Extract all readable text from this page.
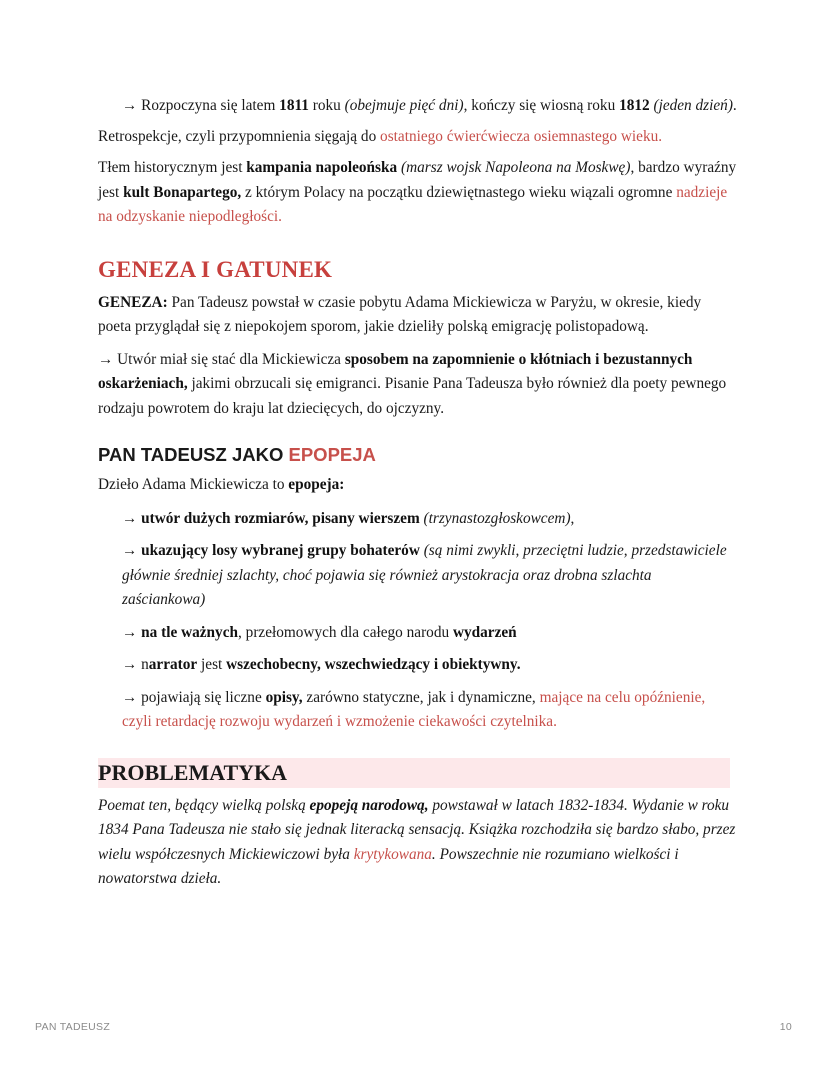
→ Rozpoczyna się latem 1811 roku (obejmuje pięć dni), kończy się wiosną roku 1812 (jeden dzień).

Retrospekcje, czyli przypomnienia sięgają do ostatniego ćwierćwiecza osiemnastego wieku.

Tłem historycznym jest kampania napoleońska (marsz wojsk Napoleona na Moskwę), bardzo wyraźny jest kult Bonapartego, z którym Polacy na początku dziewiętnastego wieku wiązali ogromne nadzieje na odzyskanie niepodległości.

GENEZA I GATUNEK

GENEZA: Pan Tadeusz powstał w czasie pobytu Adama Mickiewicza w Paryżu, w okresie, kiedy poeta przyglądał się z niepokojem sporom, jakie dzieliły polską emigrację polistopadową.

→ Utwór miał się stać dla Mickiewicza sposobem na zapomnienie o kłótniach i bezustannych oskarżeniach, jakimi obrzucali się emigranci. Pisanie Pana Tadeusza było również dla poety pewnego rodzaju powrotem do kraju lat dziecięcych, do ojczyzny.

PAN TADEUSZ JAKO EPOPEJA

Dzieło Adama Mickiewicza to epopeja:

→ utwór dużych rozmiarów, pisany wierszem (trzynastozgłoskowcem),

→ ukazujący losy wybranej grupy bohaterów (są nimi zwykli, przeciętni ludzie, przedstawiciele głównie średniej szlachty, choć pojawia się również arystokracja oraz drobna szlachta zaściankowa)

→ na tle ważnych, przełomowych dla całego narodu wydarzeń

→ narrator jest wszechobecny, wszechwiedzący i obiektywny.

→ pojawiają się liczne opisy, zarówno statyczne, jak i dynamiczne, mające na celu opóźnienie, czyli retardację rozwoju wydarzeń i wzmożenie ciekawości czytelnika.

PROBLEMATYKA

Poemat ten, będący wielką polską epopeją narodową, powstawał w latach 1832-1834. Wydanie w roku 1834 Pana Tadeusza nie stało się jednak literacką sensacją. Książka rozchodziła się bardzo słabo, przez wielu współczesnych Mickiewiczowi była krytykowana. Powszechnie nie rozumiano wielkości i nowatorstwa dzieła.

PAN TADEUSZ	10
